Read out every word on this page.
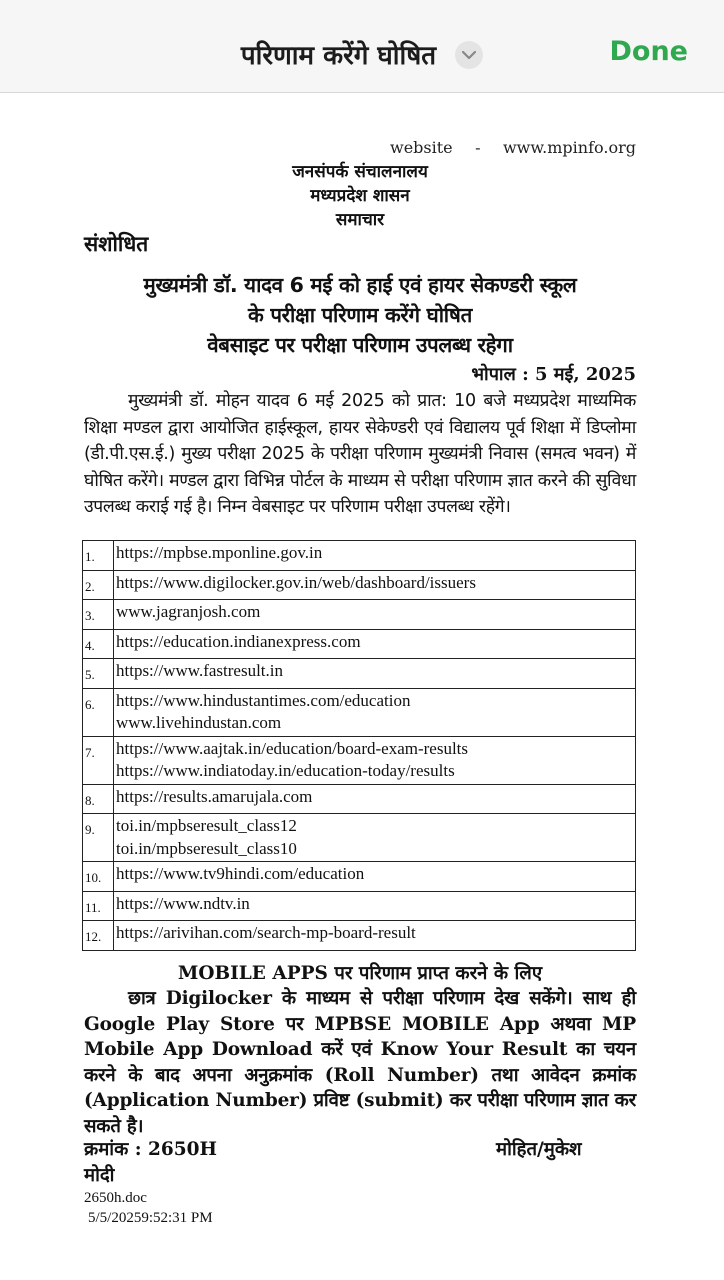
परिणाम करेंगे घोषित	Done
website - www.mpinfo.org
जनसंपर्क संचालनालय
मध्यप्रदेश शासन
समाचार
संशोधित
मुख्यमंत्री डॉ. यादव 6 मई को हाई एवं हायर सेकण्डरी स्कूल
के परीक्षा परिणाम करेंगे घोषित
वेबसाइट पर परीक्षा परिणाम उपलब्ध रहेगा
भोपाल : 5 मई, 2025

मुख्यमंत्री डॉ. मोहन यादव 6 मई 2025 को प्रात: 10 बजे मध्यप्रदेश माध्यमिक शिक्षा मण्डल द्वारा आयोजित हाईस्कूल, हायर सेकेण्डरी एवं विद्यालय पूर्व शिक्षा में डिप्लोमा (डी.पी.एस.ई.) मुख्य परीक्षा 2025 के परीक्षा परिणाम मुख्यमंत्री निवास (समत्व भवन) में घोषित करेंगे। मण्डल द्वारा विभिन्न पोर्टल के माध्यम से परीक्षा परिणाम ज्ञात करने की सुविधा उपलब्ध कराई गई है। निम्न वेबसाइट पर परिणाम परीक्षा उपलब्ध रहेंगे।

1.	https://mpbse.mponline.gov.in

2.	https://www.digilocker.gov.in/web/dashboard/issuers

3.	www.jagranjosh.com

4.	https://education.indianexpress.com

5.	https://www.fastresult.in

6.	https://www.hindustantimes.com/education
www.livehindustan.com

7.	https://www.aajtak.in/education/board-exam-results
https://www.indiatoday.in/education-today/results

8.	https://results.amarujala.com

9.	toi.in/mpbseresult_class12
toi.in/mpbseresult_class10

10.	https://www.tv9hindi.com/education

11.	https://www.ndtv.in

12.	https://arivihan.com/search-mp-board-result
MOBILE APPS पर परिणाम प्राप्त करने के लिए

छात्र Digilocker के माध्यम से परीक्षा परिणाम देख सकेंगे। साथ ही Google Play Store पर MPBSE MOBILE App अथवा MP Mobile App Download करें एवं Know Your Result का चयन करने के बाद अपना अनुक्रमांक (Roll Number) तथा आवेदन क्रमांक (Application Number) प्रविष्ट (submit) कर परीक्षा परिणाम ज्ञात कर सकते है।

क्रमांक : 2650H	मोहित/मुकेश
मोदी
2650h.doc
5/5/20259:52:31 PM
